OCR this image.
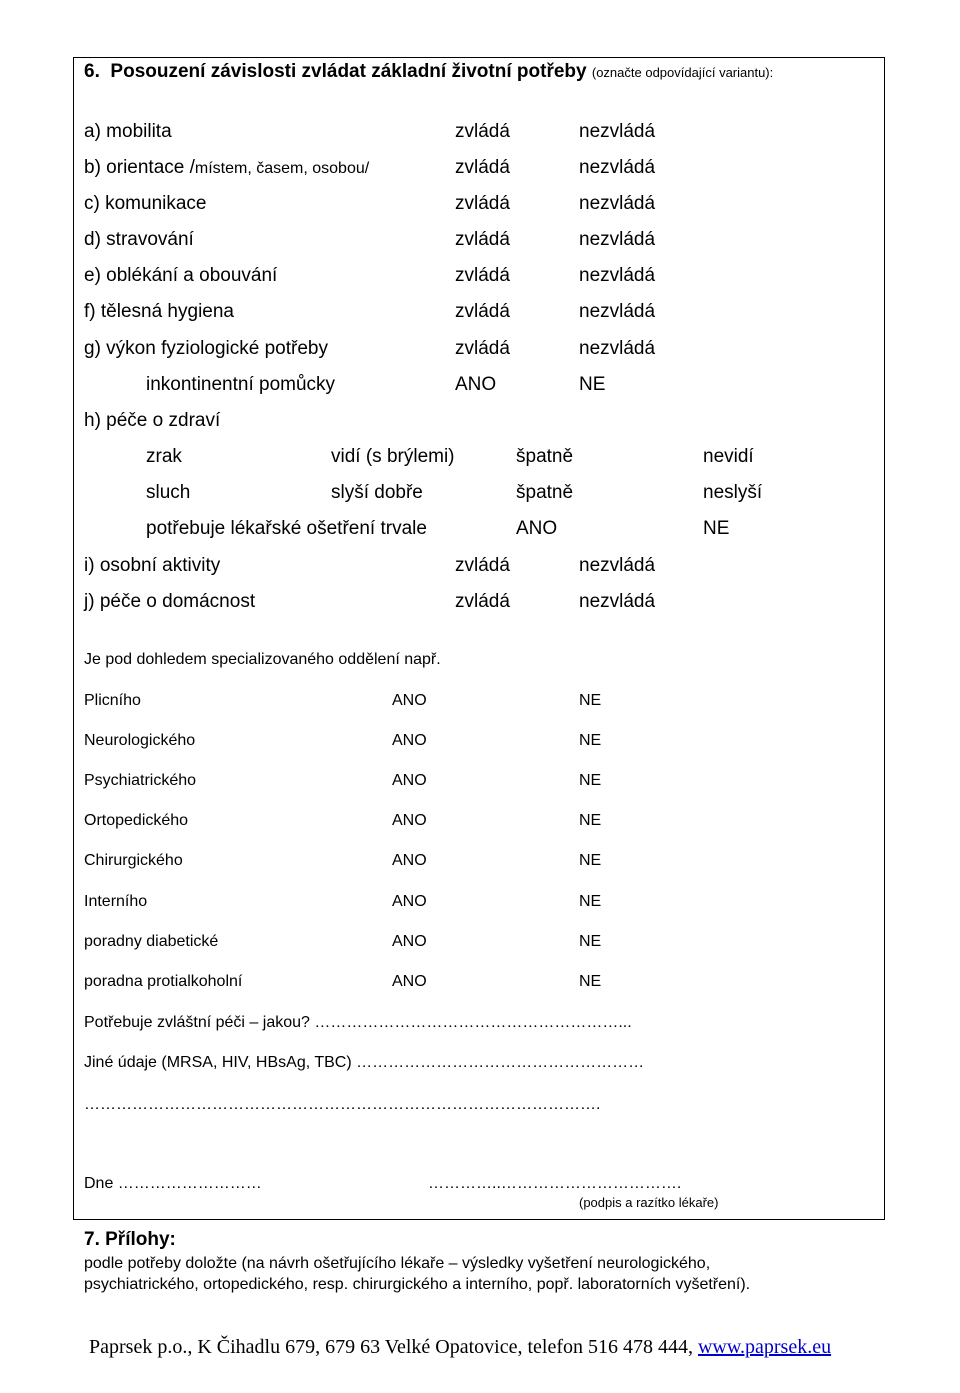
6. Posouzení závislosti zvládat základní životní potřeby (označte odpovídající variantu):
a) mobilita	zvládá	nezvládá
b) orientace /místem, časem, osobou/	zvládá	nezvládá
c) komunikace	zvládá	nezvládá
d) stravování	zvládá	nezvládá
e) oblékání a obouvání	zvládá	nezvládá
f) tělesná hygiena	zvládá	nezvládá
g) výkon fyziologické potřeby	zvládá	nezvládá
inkontinentní pomůcky	ANO	NE
h) péče o zdraví
zrak	vidí (s brýlemi)	špatně	nevidí
sluch	slyší dobře	špatně	neslyší
potřebuje lékařské ošetření trvale	ANO	NE
i) osobní aktivity	zvládá	nezvládá
j) péče o domácnost	zvládá	nezvládá
Je pod dohledem specializovaného oddělení např.
Plicního	ANO	NE
Neurologického	ANO	NE
Psychiatrického	ANO	NE
Ortopedického	ANO	NE
Chirurgického	ANO	NE
Interního	ANO	NE
poradny diabetické	ANO	NE
poradna protialkoholní	ANO	NE
Potřebuje zvláštní péči – jakou? …………………………………………………...
Jiné údaje (MRSA, HIV, HBsAg, TBC) ………………………………………………
…………………………………………………………………………………….
Dne ………………………	…………..…………………………….
(podpis a razítko lékaře)
7. Přílohy:
podle potřeby doložte (na návrh ošetřujícího lékaře – výsledky vyšetření neurologického,
psychiatrického, ortopedického, resp. chirurgického a interního, popř. laboratorních vyšetření).
Paprsek p.o., K Čihadlu 679, 679 63 Velké Opatovice, telefon 516 478 444, www.paprsek.eu
